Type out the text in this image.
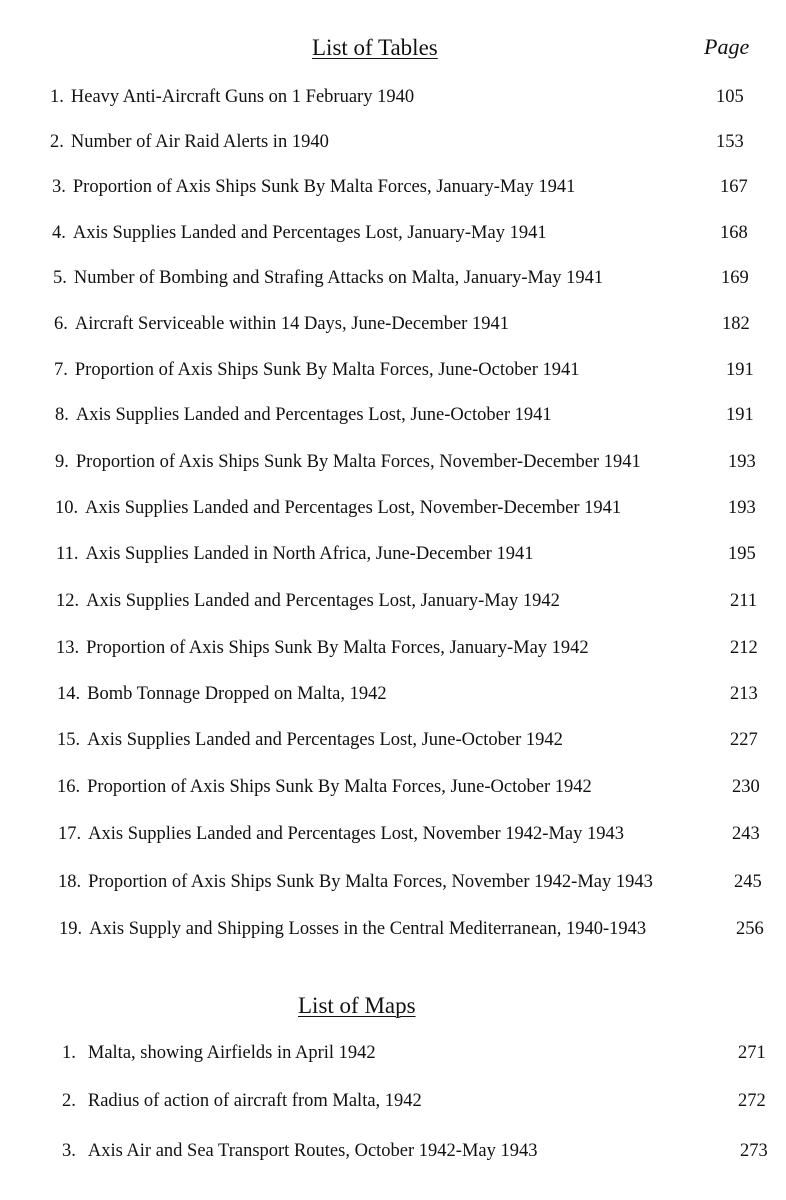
List of Tables	Page
1. Heavy Anti-Aircraft Guns on 1 February 1940	105
2. Number of Air Raid Alerts in 1940	153
3. Proportion of Axis Ships Sunk By Malta Forces, January-May 1941	167
4. Axis Supplies Landed and Percentages Lost, January-May 1941	168
5. Number of Bombing and Strafing Attacks on Malta, January-May 1941	169
6. Aircraft Serviceable within 14 Days, June-December 1941	182
7. Proportion of Axis Ships Sunk By Malta Forces, June-October 1941	191
8. Axis Supplies Landed and Percentages Lost, June-October 1941	191
9. Proportion of Axis Ships Sunk By Malta Forces, November-December 1941	193
10. Axis Supplies Landed and Percentages Lost, November-December 1941	193
11. Axis Supplies Landed in North Africa, June-December 1941	195
12. Axis Supplies Landed and Percentages Lost, January-May 1942	211
13. Proportion of Axis Ships Sunk By Malta Forces, January-May 1942	212
14. Bomb Tonnage Dropped on Malta, 1942	213
15. Axis Supplies Landed and Percentages Lost, June-October 1942	227
16. Proportion of Axis Ships Sunk By Malta Forces, June-October 1942	230
17. Axis Supplies Landed and Percentages Lost, November 1942-May 1943	243
18. Proportion of Axis Ships Sunk By Malta Forces, November 1942-May 1943	245
19. Axis Supply and Shipping Losses in the Central Mediterranean, 1940-1943	256
List of Maps
1. Malta, showing Airfields in April 1942	271
2. Radius of action of aircraft from Malta, 1942	272
3. Axis Air and Sea Transport Routes, October 1942-May 1943	273
